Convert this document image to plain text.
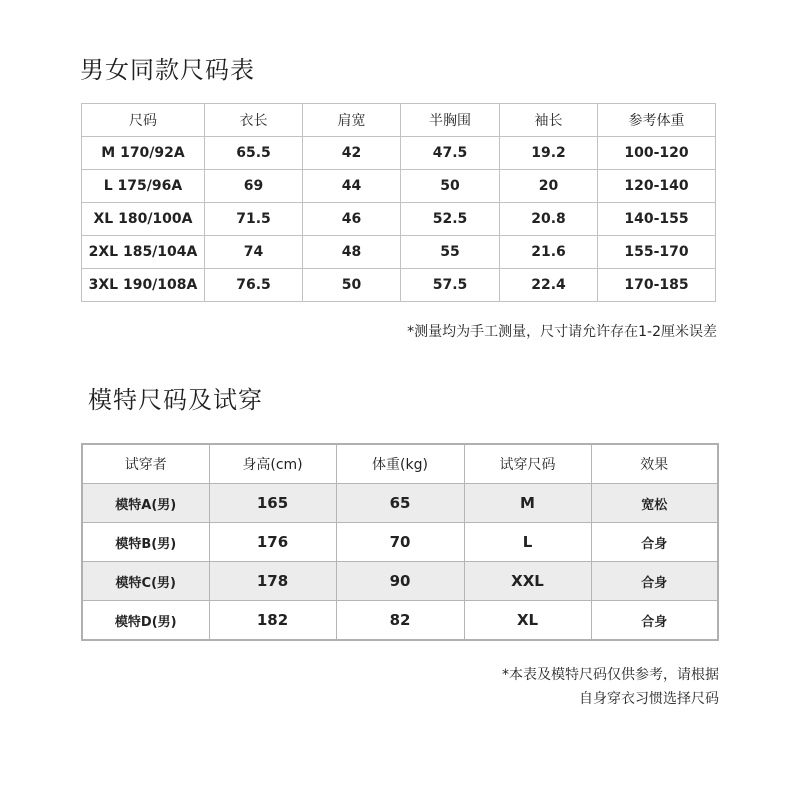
男女同款尺码表
尺码	衣长	肩宽	半胸围	袖长	参考体重
M 170/92A	65.5	42	47.5	19.2	100-120
L 175/96A	69	44	50	20	120-140
XL 180/100A	71.5	46	52.5	20.8	140-155
2XL 185/104A	74	48	55	21.6	155-170
3XL 190/108A	76.5	50	57.5	22.4	170-185
*测量均为手工测量，尺寸请允许存在1-2厘米误差
模特尺码及试穿
试穿者	身高(cm)	体重(kg)	试穿尺码	效果
模特A(男)	165	65	M	宽松
模特B(男)	176	70	L	合身
模特C(男)	178	90	XXL	合身
模特D(男)	182	82	XL	合身
*本表及模特尺码仅供参考，请根据
自身穿衣习惯选择尺码
